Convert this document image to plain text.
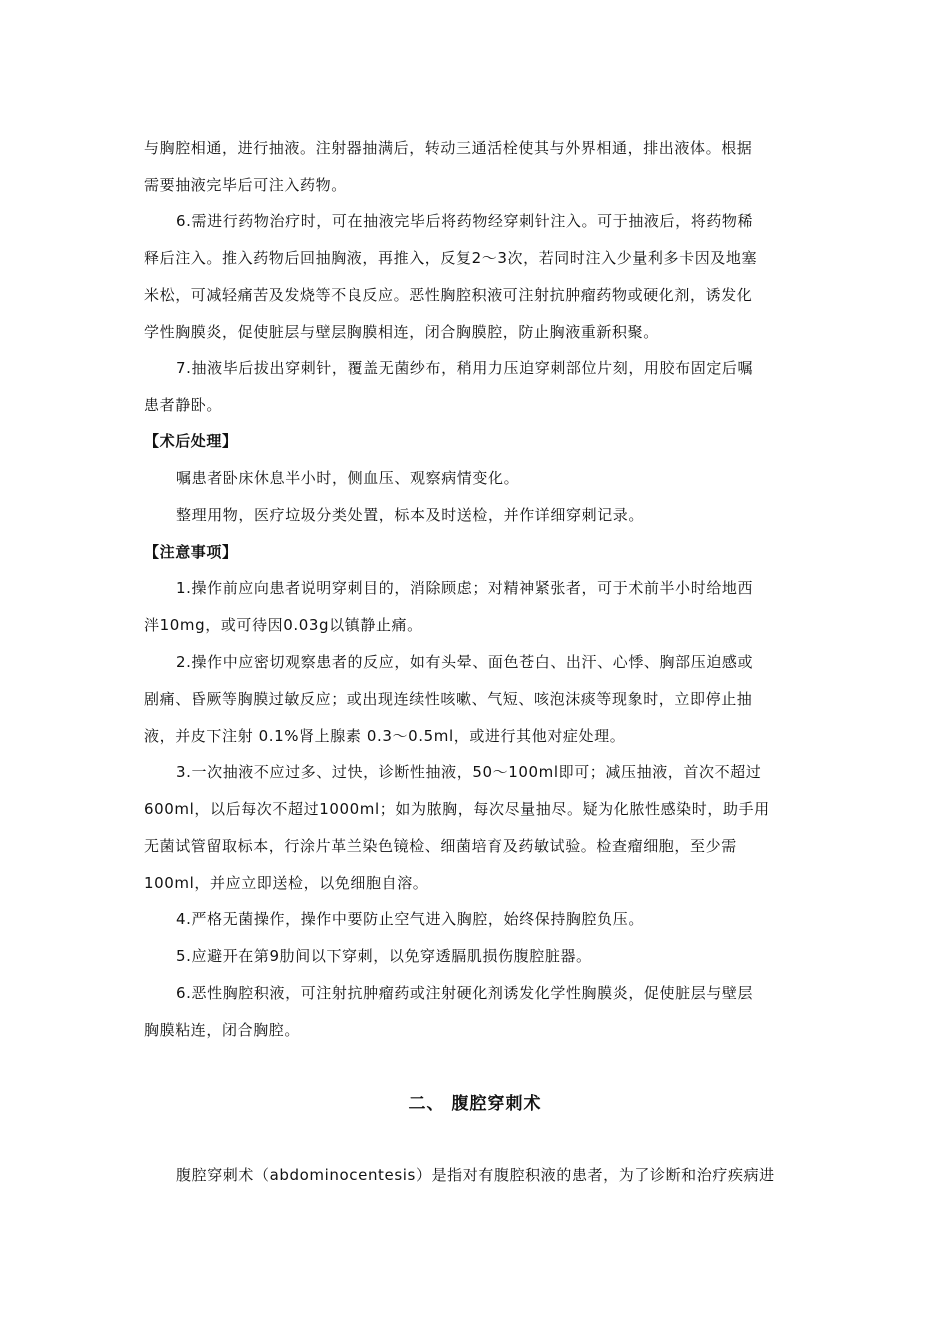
与胸腔相通，进行抽液。注射器抽满后，转动三通活栓使其与外界相通，排出液体。根据
需要抽液完毕后可注入药物。
6.需进行药物治疗时，可在抽液完毕后将药物经穿刺针注入。可于抽液后，将药物稀
释后注入。推入药物后回抽胸液，再推入，反复2～3次，若同时注入少量利多卡因及地塞
米松，可减轻痛苦及发烧等不良反应。恶性胸腔积液可注射抗肿瘤药物或硬化剂，诱发化
学性胸膜炎，促使脏层与壁层胸膜相连，闭合胸膜腔，防止胸液重新积聚。
7.抽液毕后拔出穿刺针，覆盖无菌纱布，稍用力压迫穿刺部位片刻，用胶布固定后嘱
患者静卧。
【术后处理】
嘱患者卧床休息半小时，侧血压、观察病情变化。
整理用物，医疗垃圾分类处置，标本及时送检，并作详细穿刺记录。
【注意事项】
1.操作前应向患者说明穿刺目的，消除顾虑；对精神紧张者，可于术前半小时给地西
泮10mg，或可待因0.03g以镇静止痛。
2.操作中应密切观察患者的反应，如有头晕、面色苍白、出汗、心悸、胸部压迫感或
剧痛、昏厥等胸膜过敏反应；或出现连续性咳嗽、气短、咳泡沫痰等现象时，立即停止抽
液，并皮下注射 0.1%肾上腺素 0.3～0.5ml，或进行其他对症处理。
3.一次抽液不应过多、过快，诊断性抽液，50～100ml即可；减压抽液，首次不超过
600ml，以后每次不超过1000ml；如为脓胸，每次尽量抽尽。疑为化脓性感染时，助手用
无菌试管留取标本，行涂片革兰染色镜检、细菌培育及药敏试验。检查瘤细胞，至少需
100ml，并应立即送检，以免细胞自溶。
4.严格无菌操作，操作中要防止空气进入胸腔，始终保持胸腔负压。
5.应避开在第9肋间以下穿刺，以免穿透膈肌损伤腹腔脏器。
6.恶性胸腔积液，可注射抗肿瘤药或注射硬化剂诱发化学性胸膜炎，促使脏层与壁层
胸膜粘连，闭合胸腔。
二、 腹腔穿刺术
腹腔穿刺术（abdominocentesis）是指对有腹腔积液的患者，为了诊断和治疗疾病进
